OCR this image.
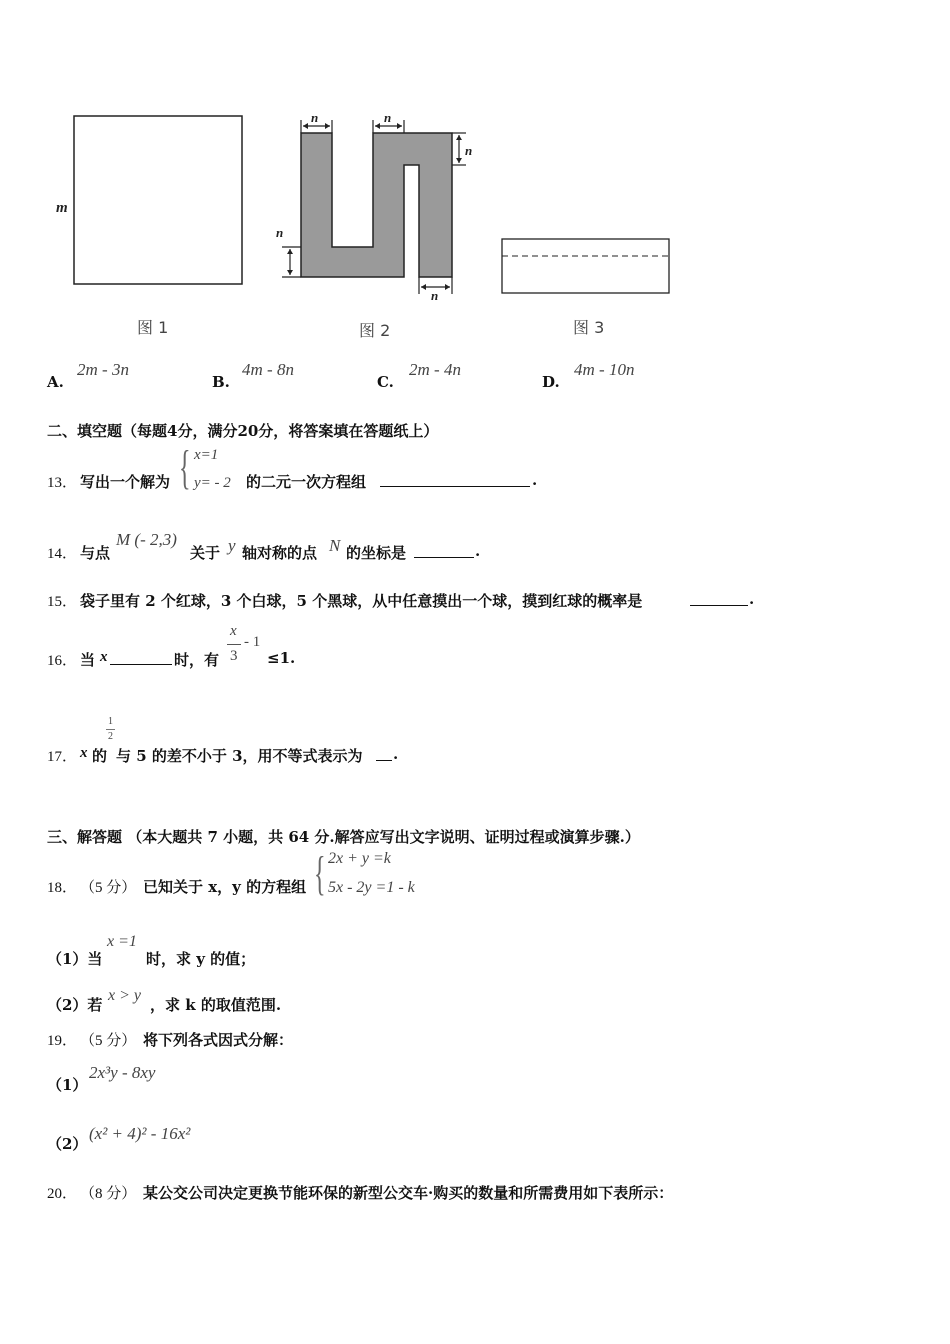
m
n	n
n
n
n
图 1	图 2	图 3
A.
2m - 3n
B.
4m - 8n
C.
2m - 4n
D.
4m - 10n
二、填空题（每题4分，满分20分，将答案填在答题纸上）
13． 写出一个解为 { x=1
y= - 2 的二元一次方程组	.
14． 与点
M (- 2,3)
关于 y 轴对称的点 N 的坐标是	.
15． 袋子里有 2 个红球，3 个白球，5 个黑球，从中任意摸出一个球，摸到红球的概率是	.
16． 当 x	时，有
x
3
- 1
≤1.
17． x 的
1
2
与 5 的差不小于 3，用不等式表示为 .
三、解答题 （本大题共 7 小题，共 64 分.解答应写出文字说明、证明过程或演算步骤.）
18． （5 分） 已知关于 x，y 的方程组 { 2x + y =k
5x - 2y =1 - k
（1）当
x =1
时，求 y 的值；
（2）若
x > y
，求 k 的取值范围.
19． （5 分） 将下列各式因式分解：
（1）
2x³y - 8xy
（2）
(x² + 4)² - 16x²
20． （8 分） 某公交公司决定更换节能环保的新型公交车·购买的数量和所需费用如下表所示：
